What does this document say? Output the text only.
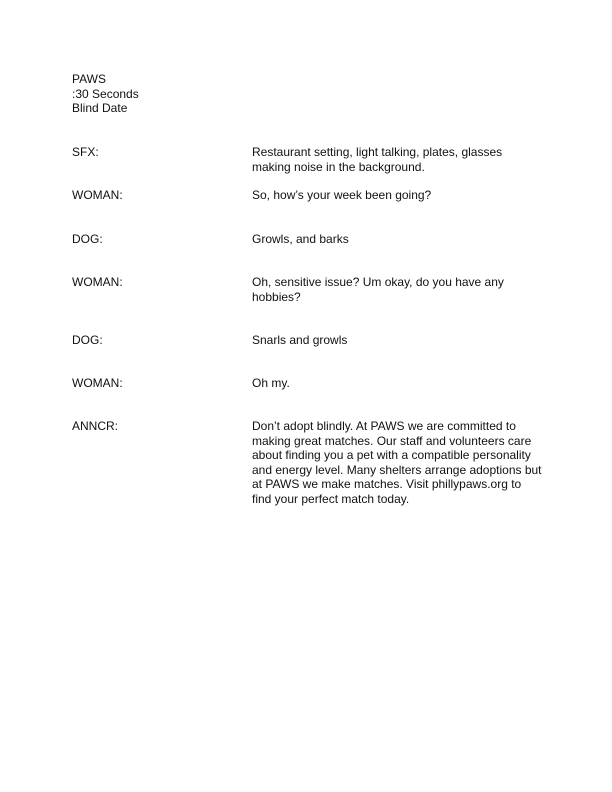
PAWS
:30 Seconds
Blind Date
SFX:	Restaurant setting, light talking, plates, glasses making noise in the background.
WOMAN:	So, how’s your week been going?
DOG:	Growls, and barks
WOMAN:	Oh, sensitive issue? Um okay, do you have any hobbies?
DOG:	Snarls and growls
WOMAN:	Oh my.
ANNCR:	Don’t adopt blindly. At PAWS we are committed to making great matches. Our staff and volunteers care about finding you a pet with a compatible personality and energy level. Many shelters arrange adoptions but at PAWS we make matches. Visit phillypaws.org to find your perfect match today.
